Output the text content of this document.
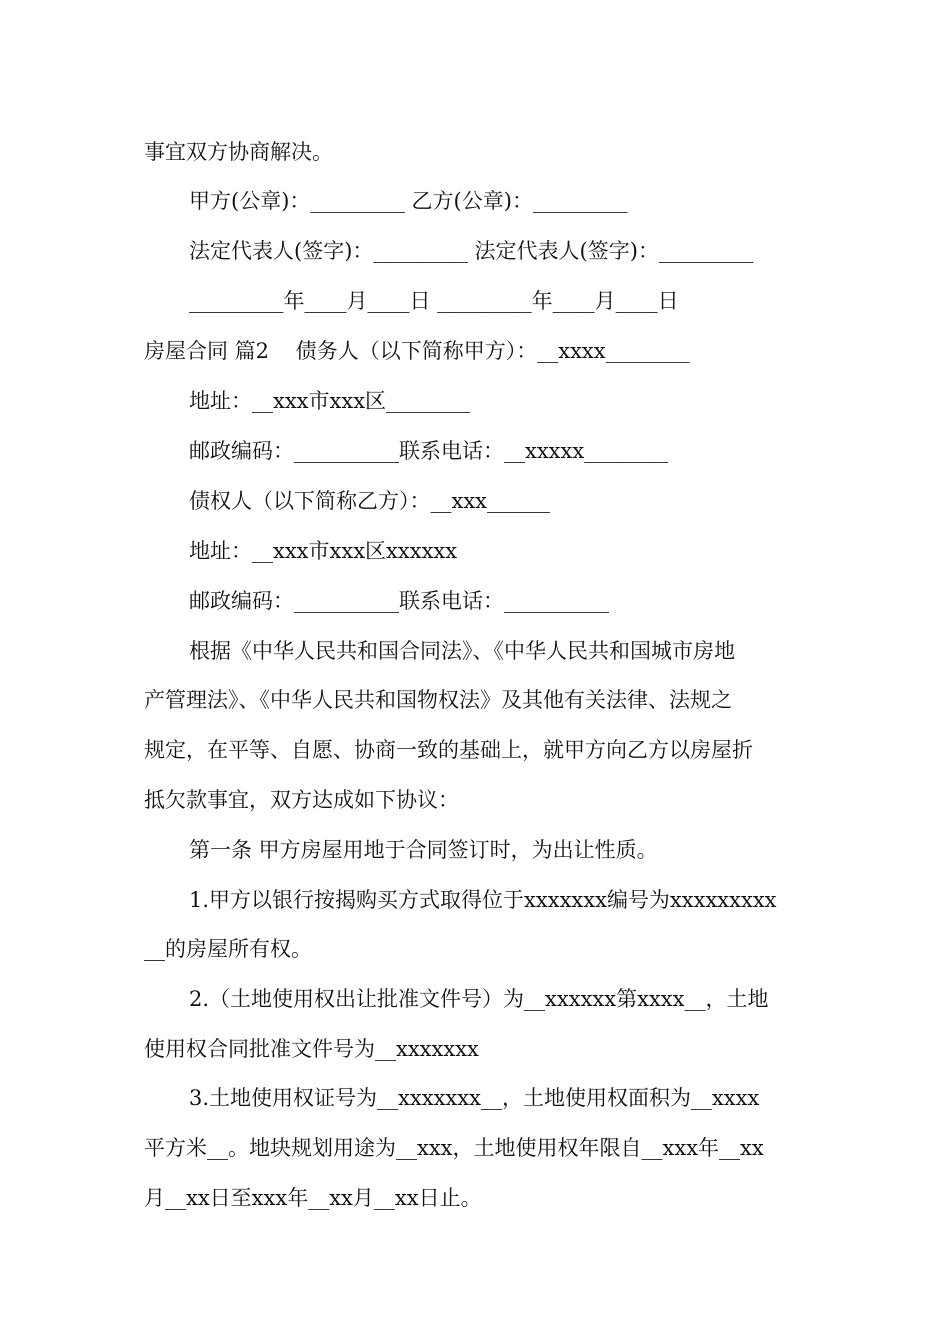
事宜双方协商解决。
甲方(公章)：_________ 乙方(公章)：_________
法定代表人(签字)：_________ 法定代表人(签字)：_________
_________年____月____日 _________年____月____日
房屋合同 篇2    债务人（以下简称甲方）：__xxxx________
地址：__xxx市xxx区________
邮政编码：__________联系电话：__xxxxx________
债权人（以下简称乙方）：__xxx______
地址：__xxx市xxx区xxxxxx
邮政编码：__________联系电话：__________
根据《中华人民共和国合同法》、《中华人民共和国城市房地
产管理法》、《中华人民共和国物权法》及其他有关法律、法规之
规定，在平等、自愿、协商一致的基础上，就甲方向乙方以房屋折
抵欠款事宜，双方达成如下协议：
第一条 甲方房屋用地于合同签订时，为出让性质。
1.甲方以银行按揭购买方式取得位于xxxxxxx编号为xxxxxxxxx
__的房屋所有权。
2.（土地使用权出让批准文件号）为__xxxxxx第xxxx__，土地
使用权合同批准文件号为__xxxxxxx
3.土地使用权证号为__xxxxxxx__，土地使用权面积为__xxxx
平方米__。地块规划用途为__xxx，土地使用权年限自__xxx年__xx
月__xx日至xxx年__xx月__xx日止。
